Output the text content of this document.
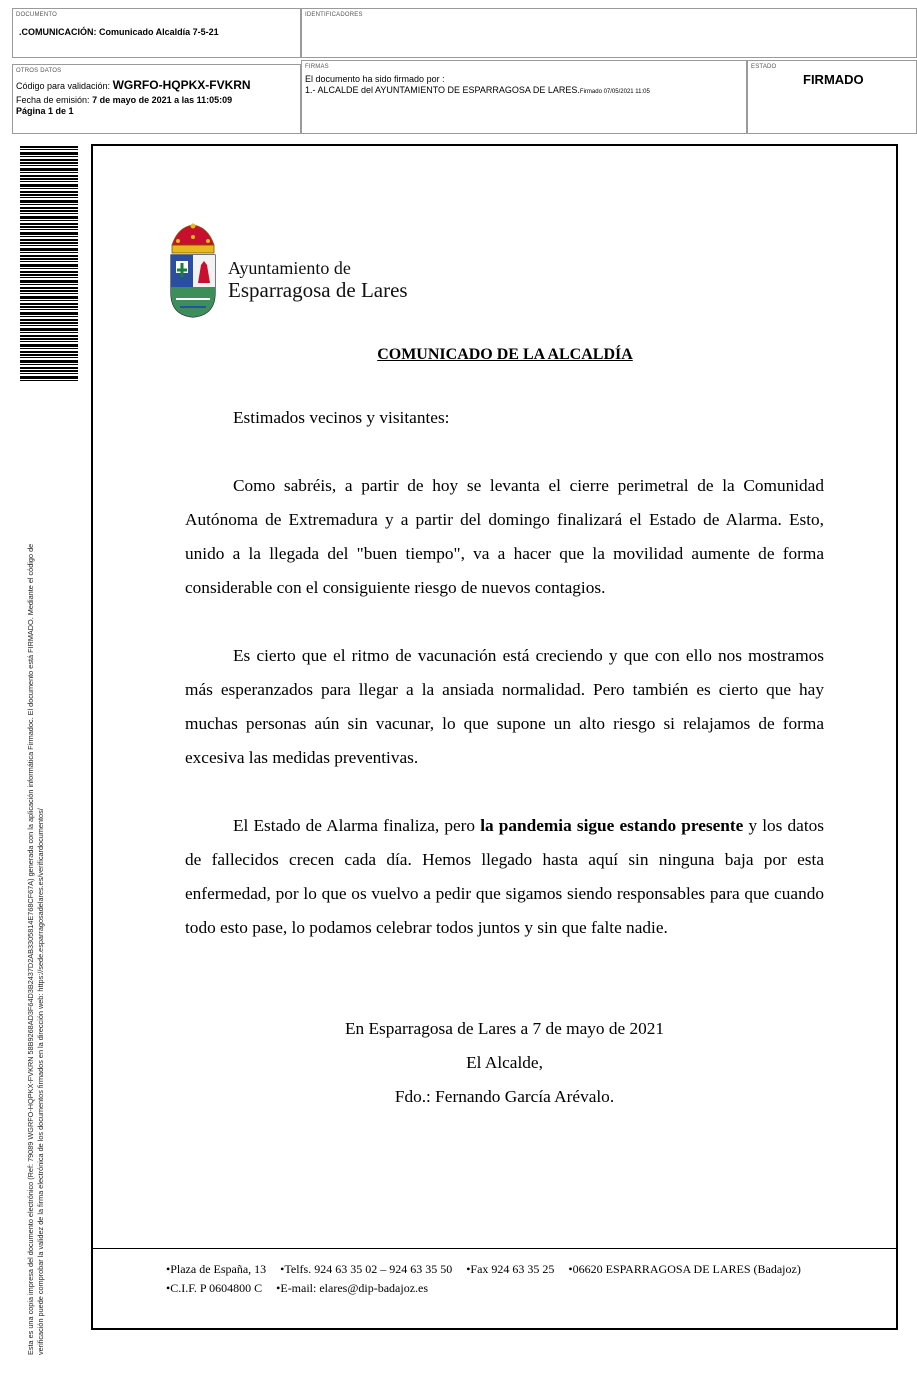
DOCUMENTO
.COMUNICACIÓN: Comunicado Alcaldía 7-5-21
IDENTIFICADORES
OTROS DATOS
Código para validación: WGRFO-HQPKX-FVKRN
Fecha de emisión: 7 de mayo de 2021 a las 11:05:09
Página 1 de 1
FIRMAS
El documento ha sido firmado por :
1.- ALCALDE del AYUNTAMIENTO DE ESPARRAGOSA DE LARES.Firmado 07/05/2021 11:05
ESTADO
FIRMADO
Esta es una copia impresa del documento electrónico (Ref: 79089 WGRFO-HQPKX-FVKRN 58B9268AD3F64D3B2437D2AB3305814E768CF67A) generada con la aplicación informática Firmadoc. El documento está FIRMADO. Mediante el código de verificación puede comprobar la validez de la firma electrónica de los documentos firmados en la dirección web: https://sede.esparragosadelares.es/verificardocumentos/
Ayuntamiento de
Esparragosa de Lares
COMUNICADO DE LA ALCALDÍA

Estimados vecinos y visitantes:

Como sabréis, a partir de hoy se levanta el cierre perimetral de la Comunidad Autónoma de Extremadura y a partir del domingo finalizará el Estado de Alarma. Esto, unido a la llegada del "buen tiempo", va a hacer que la movilidad aumente de forma considerable con el consiguiente riesgo de nuevos contagios.

Es cierto que el ritmo de vacunación está creciendo y que con ello nos mostramos más esperanzados para llegar a la ansiada normalidad. Pero también es cierto que hay muchas personas aún sin vacunar, lo que supone un alto riesgo si relajamos de forma excesiva las medidas preventivas.

El Estado de Alarma finaliza, pero la pandemia sigue estando presente y los datos de fallecidos crecen cada día. Hemos llegado hasta aquí sin ninguna baja por esta enfermedad, por lo que os vuelvo a pedir que sigamos siendo responsables para que cuando todo esto pase, lo podamos celebrar todos juntos y sin que falte nadie.

En Esparragosa de Lares a 7 de mayo de 2021
El Alcalde,
Fdo.: Fernando García Arévalo.
•Plaza de España, 13 •Telfs. 924 63 35 02 – 924 63 35 50 •Fax 924 63 35 25 •06620 ESPARRAGOSA DE LARES (Badajoz)
•C.I.F. P 0604800 C •E-mail: elares@dip-badajoz.es
